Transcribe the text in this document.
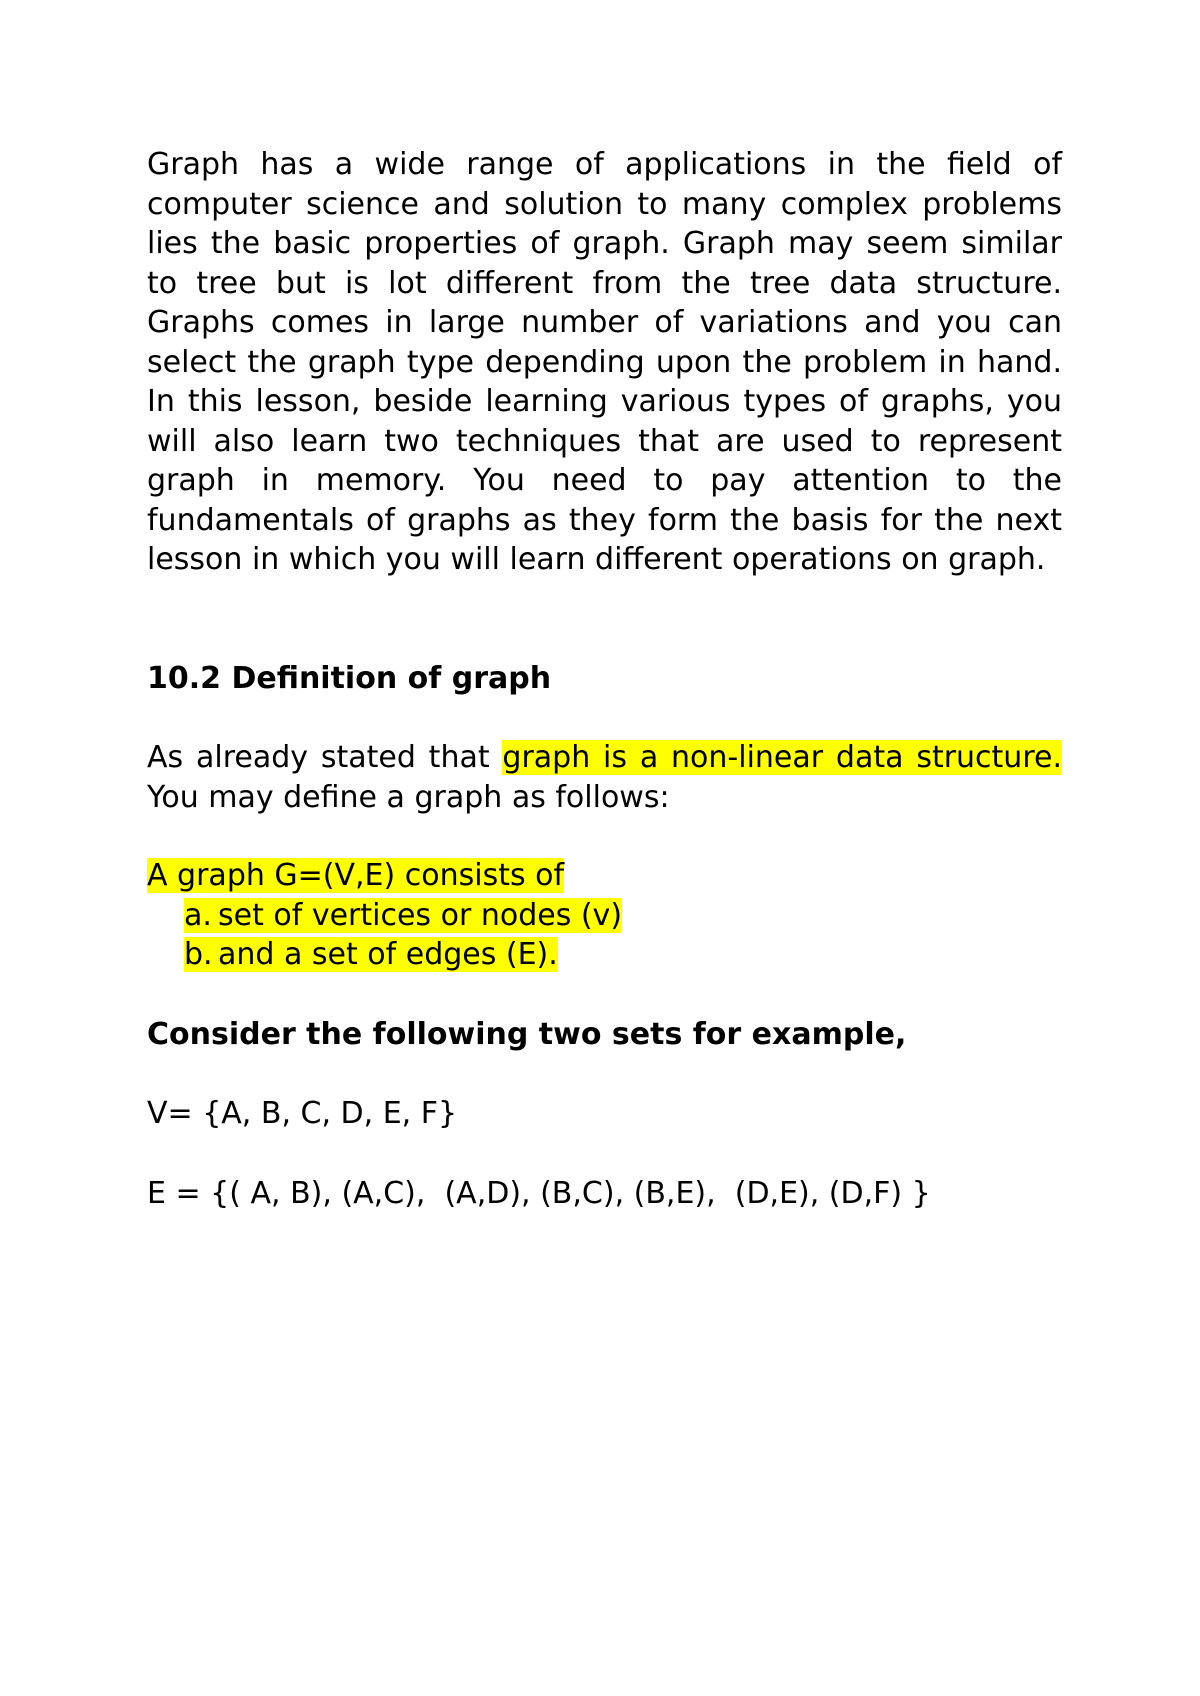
Graph has a wide range of applications in the field of computer science and solution to many complex problems lies the basic properties of graph. Graph may seem similar to tree but is lot different from the tree data structure. Graphs comes in large number of variations and you can select the graph type depending upon the problem in hand. In this lesson, beside learning various types of graphs, you will also learn two techniques that are used to represent graph in memory. You need to pay attention to the fundamentals of graphs as they form the basis for the next lesson in which you will learn different operations on graph.

10.2 Definition of graph

As already stated that graph is a non-linear data structure. You may define a graph as follows:

A graph G=(V,E) consists of
a. set of vertices or nodes (v)
b. and a set of edges (E).
Consider the following two sets for example,
V= {A, B, C, D, E, F}
E = {( A, B), (A,C),  (A,D), (B,C), (B,E),  (D,E), (D,F) }
